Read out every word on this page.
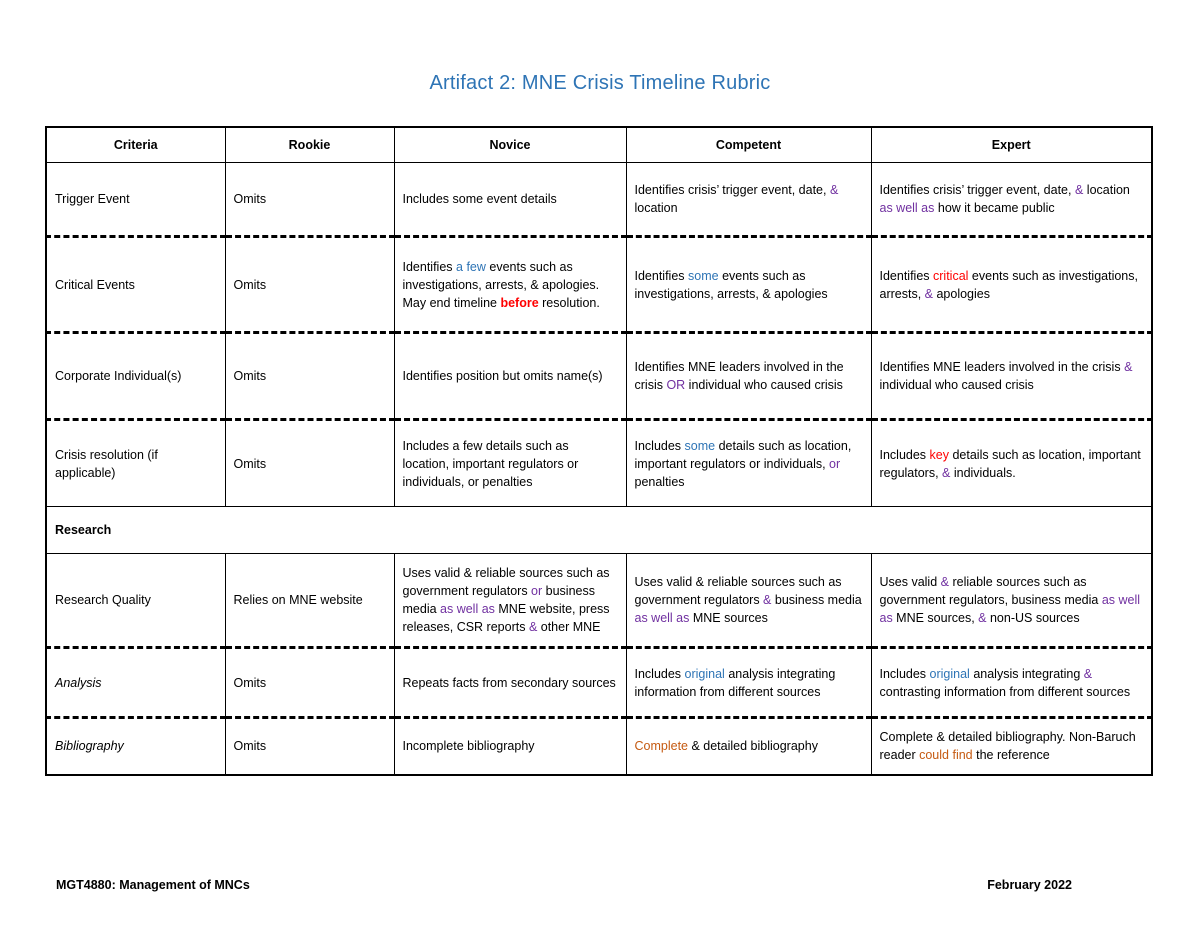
Artifact 2: MNE Crisis Timeline Rubric
Criteria	Rookie	Novice	Competent	Expert
Trigger Event	Omits	Includes some event details	Identifies crisis’ trigger event, date, & location	Identifies crisis’ trigger event, date, & location as well as how it became public
Critical Events	Omits	Identifies a few events such as investigations, arrests, & apologies. May end timeline before resolution.	Identifies some events such as investigations, arrests, & apologies	Identifies critical events such as investigations, arrests, & apologies
Corporate Individual(s)	Omits	Identifies position but omits name(s)	Identifies MNE leaders involved in the crisis OR individual who caused crisis	Identifies MNE leaders involved in the crisis & individual who caused crisis
Crisis resolution (if applicable)	Omits	Includes a few details such as location, important regulators or individuals, or penalties	Includes some details such as location, important regulators or individuals, or penalties	Includes key details such as location, important regulators, & individuals.
Research				
Research Quality	Relies on MNE website	Uses valid & reliable sources such as government regulators or business media as well as MNE website, press releases, CSR reports & other MNE	Uses valid & reliable sources such as government regulators & business media as well as MNE sources	Uses valid & reliable sources such as government regulators, business media as well as MNE sources, & non-US sources
Analysis	Omits	Repeats facts from secondary sources	Includes original analysis integrating information from different sources	Includes original analysis integrating & contrasting information from different sources
Bibliography	Omits	Incomplete bibliography	Complete & detailed bibliography	Complete & detailed bibliography. Non-Baruch reader could find the reference
MGT4880: Management of MNCs	February 2022
